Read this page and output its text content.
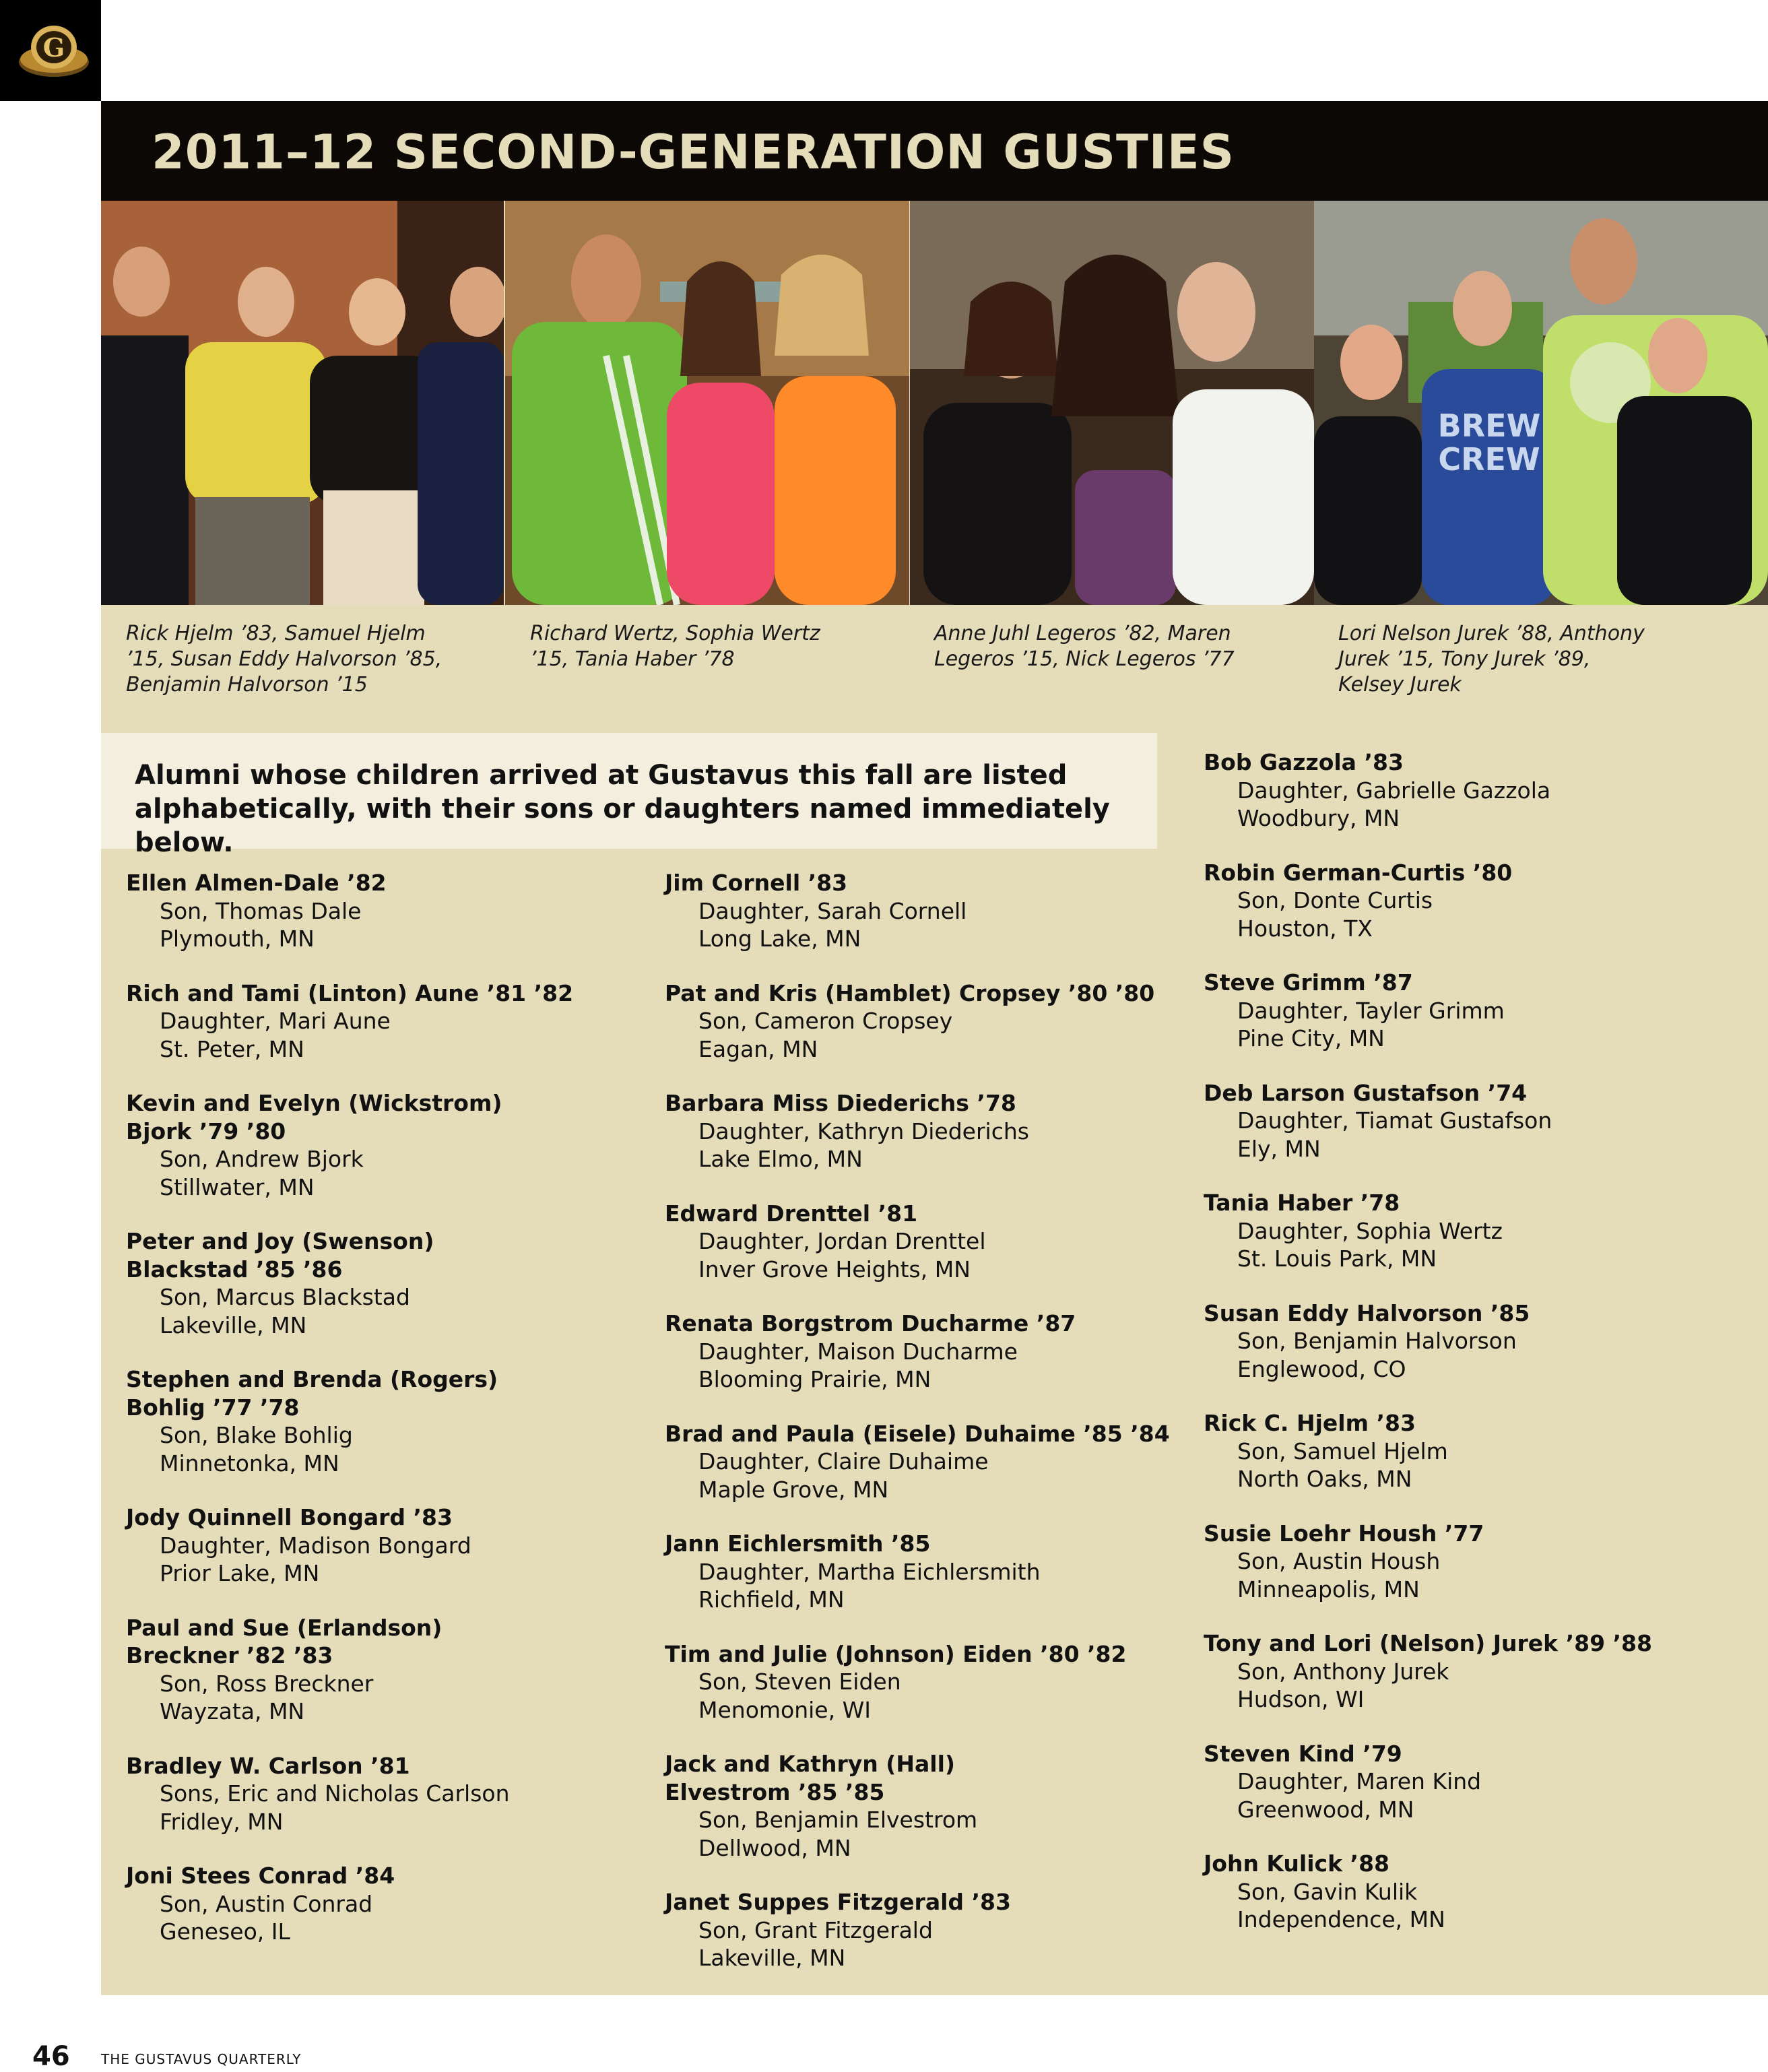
G
2011–12 SECOND-GENERATION GUSTIES
BREW
CREW
Rick Hjelm ’83, Samuel Hjelm ’15, Susan Eddy Halvorson ’85, Benjamin Halvorson ’15
Richard Wertz, Sophia Wertz ’15, Tania Haber ’78
Anne Juhl Legeros ’82, Maren Legeros ’15, Nick Legeros ’77
Lori Nelson Jurek ’88, Anthony Jurek ’15, Tony Jurek ’89, Kelsey Jurek

Alumni whose children arrived at Gustavus this fall are listed alphabetically, with their sons or daughters named immediately below.

Ellen Almen-Dale ’82
Son, Thomas Dale
Plymouth, MN
Rich and Tami (Linton) Aune ’81 ’82
Daughter, Mari Aune
St. Peter, MN
Kevin and Evelyn (Wickstrom) Bjork ’79 ’80
Son, Andrew Bjork
Stillwater, MN
Peter and Joy (Swenson) Blackstad ’85 ’86
Son, Marcus Blackstad
Lakeville, MN
Stephen and Brenda (Rogers) Bohlig ’77 ’78
Son, Blake Bohlig
Minnetonka, MN
Jody Quinnell Bongard ’83
Daughter, Madison Bongard
Prior Lake, MN
Paul and Sue (Erlandson) Breckner ’82 ’83
Son, Ross Breckner
Wayzata, MN
Bradley W. Carlson ’81
Sons, Eric and Nicholas Carlson
Fridley, MN
Joni Stees Conrad ’84
Son, Austin Conrad
Geneseo, IL
Jim Cornell ’83
Daughter, Sarah Cornell
Long Lake, MN
Pat and Kris (Hamblet) Cropsey ’80 ’80
Son, Cameron Cropsey
Eagan, MN
Barbara Miss Diederichs ’78
Daughter, Kathryn Diederichs
Lake Elmo, MN
Edward Drenttel ’81
Daughter, Jordan Drenttel
Inver Grove Heights, MN
Renata Borgstrom Ducharme ’87
Daughter, Maison Ducharme
Blooming Prairie, MN
Brad and Paula (Eisele) Duhaime ’85 ’84
Daughter, Claire Duhaime
Maple Grove, MN
Jann Eichlersmith ’85
Daughter, Martha Eichlersmith
Richfield, MN
Tim and Julie (Johnson) Eiden ’80 ’82
Son, Steven Eiden
Menomonie, WI
Jack and Kathryn (Hall) Elvestrom ’85 ’85
Son, Benjamin Elvestrom
Dellwood, MN
Janet Suppes Fitzgerald ’83
Son, Grant Fitzgerald
Lakeville, MN
Bob Gazzola ’83
Daughter, Gabrielle Gazzola
Woodbury, MN
Robin German-Curtis ’80
Son, Donte Curtis
Houston, TX
Steve Grimm ’87
Daughter, Tayler Grimm
Pine City, MN
Deb Larson Gustafson ’74
Daughter, Tiamat Gustafson
Ely, MN
Tania Haber ’78
Daughter, Sophia Wertz
St. Louis Park, MN
Susan Eddy Halvorson ’85
Son, Benjamin Halvorson
Englewood, CO
Rick C. Hjelm ’83
Son, Samuel Hjelm
North Oaks, MN
Susie Loehr Housh ’77
Son, Austin Housh
Minneapolis, MN
Tony and Lori (Nelson) Jurek ’89 ’88
Son, Anthony Jurek
Hudson, WI
Steven Kind ’79
Daughter, Maren Kind
Greenwood, MN
John Kulick ’88
Son, Gavin Kulik
Independence, MN
46 THE GUSTAVUS QUARTERLY
